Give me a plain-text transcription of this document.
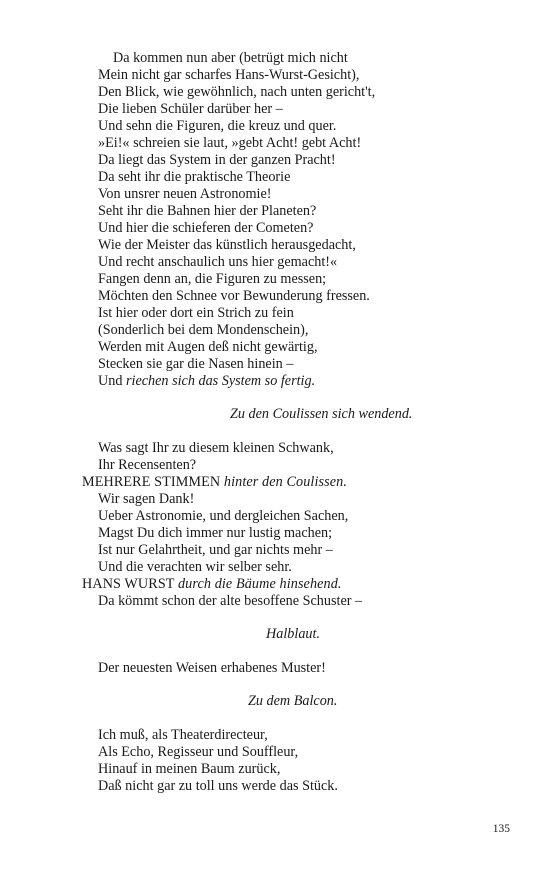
Da kommen nun aber (betrügt mich nicht
Mein nicht gar scharfes Hans-Wurst-Gesicht),
Den Blick, wie gewöhnlich, nach unten gericht't,
Die lieben Schüler darüber her –
Und sehn die Figuren, die kreuz und quer.
»Ei!« schreien sie laut, »gebt Acht! gebt Acht!
Da liegt das System in der ganzen Pracht!
Da seht ihr die praktische Theorie
Von unsrer neuen Astronomie!
Seht ihr die Bahnen hier der Planeten?
Und hier die schieferen der Cometen?
Wie der Meister das künstlich herausgedacht,
Und recht anschaulich uns hier gemacht!«
Fangen denn an, die Figuren zu messen;
Möchten den Schnee vor Bewunderung fressen.
Ist hier oder dort ein Strich zu fein
(Sonderlich bei dem Mondenschein),
Werden mit Augen deß nicht gewärtig,
Stecken sie gar die Nasen hinein –
Und riechen sich das System so fertig.
Zu den Coulissen sich wendend.
Was sagt Ihr zu diesem kleinen Schwank,
Ihr Recensenten?
MEHRERE STIMMEN hinter den Coulissen.
Wir sagen Dank!
Ueber Astronomie, und dergleichen Sachen,
Magst Du dich immer nur lustig machen;
Ist nur Gelahrtheit, und gar nichts mehr –
Und die verachten wir selber sehr.
HANS WURST durch die Bäume hinsehend.
Da kömmt schon der alte besoffene Schuster –
Halblaut.
Der neuesten Weisen erhabenes Muster!
Zu dem Balcon.
Ich muß, als Theaterdirecteur,
Als Echo, Regisseur und Souffleur,
Hinauf in meinen Baum zurück,
Daß nicht gar zu toll uns werde das Stück.
135
